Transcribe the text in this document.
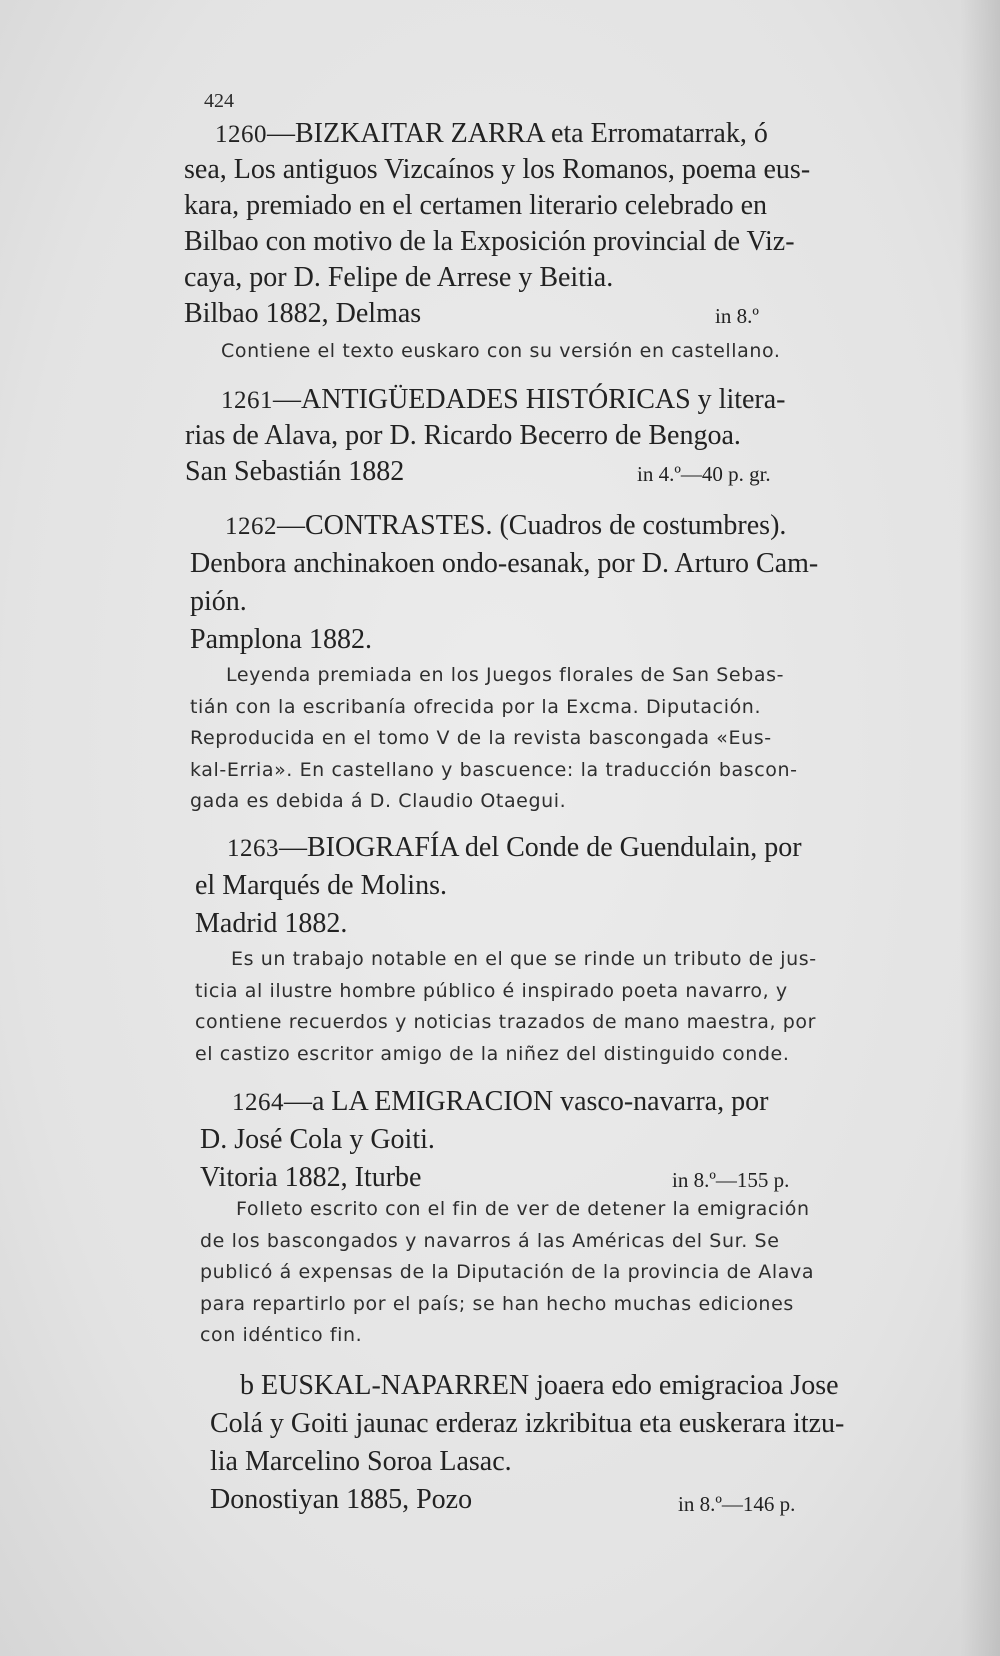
424
1260—BIZKAITAR ZARRA eta Erromatarrak, ó
sea, Los antiguos Vizcaínos y los Romanos, poema eus-
kara, premiado en el certamen literario celebrado en
Bilbao con motivo de la Exposición provincial de Viz-
caya, por D. Felipe de Arrese y Beitia.
Bilbao 1882, Delmas	in 8.º
Contiene el texto euskaro con su versión en castellano.
1261—ANTIGÜEDADES HISTÓRICAS y litera-
rias de Alava, por D. Ricardo Becerro de Bengoa.
San Sebastián 1882	in 4.º—40 p. gr.
1262—CONTRASTES. (Cuadros de costumbres).
Denbora anchinakoen ondo-esanak, por D. Arturo Cam-
pión.
Pamplona 1882.
Leyenda premiada en los Juegos florales de San Sebas-
tián con la escribanía ofrecida por la Excma. Diputación.
Reproducida en el tomo V de la revista bascongada «Eus-
kal-Erria». En castellano y bascuence: la traducción bascon-
gada es debida á D. Claudio Otaegui.
1263—BIOGRAFÍA del Conde de Guendulain, por
el Marqués de Molins.
Madrid 1882.
Es un trabajo notable en el que se rinde un tributo de jus-
ticia al ilustre hombre público é inspirado poeta navarro, y
contiene recuerdos y noticias trazados de mano maestra, por
el castizo escritor amigo de la niñez del distinguido conde.
1264—a LA EMIGRACION vasco-navarra, por
D. José Cola y Goiti.
Vitoria 1882, Iturbe	in 8.º—155 p.
Folleto escrito con el fin de ver de detener la emigración
de los bascongados y navarros á las Américas del Sur. Se
publicó á expensas de la Diputación de la provincia de Alava
para repartirlo por el país; se han hecho muchas ediciones
con idéntico fin.
b EUSKAL-NAPARREN joaera edo emigracioa Jose
Colá y Goiti jaunac erderaz izkribitua eta euskerara itzu-
lia Marcelino Soroa Lasac.
Donostiyan 1885, Pozo	in 8.º—146 p.
